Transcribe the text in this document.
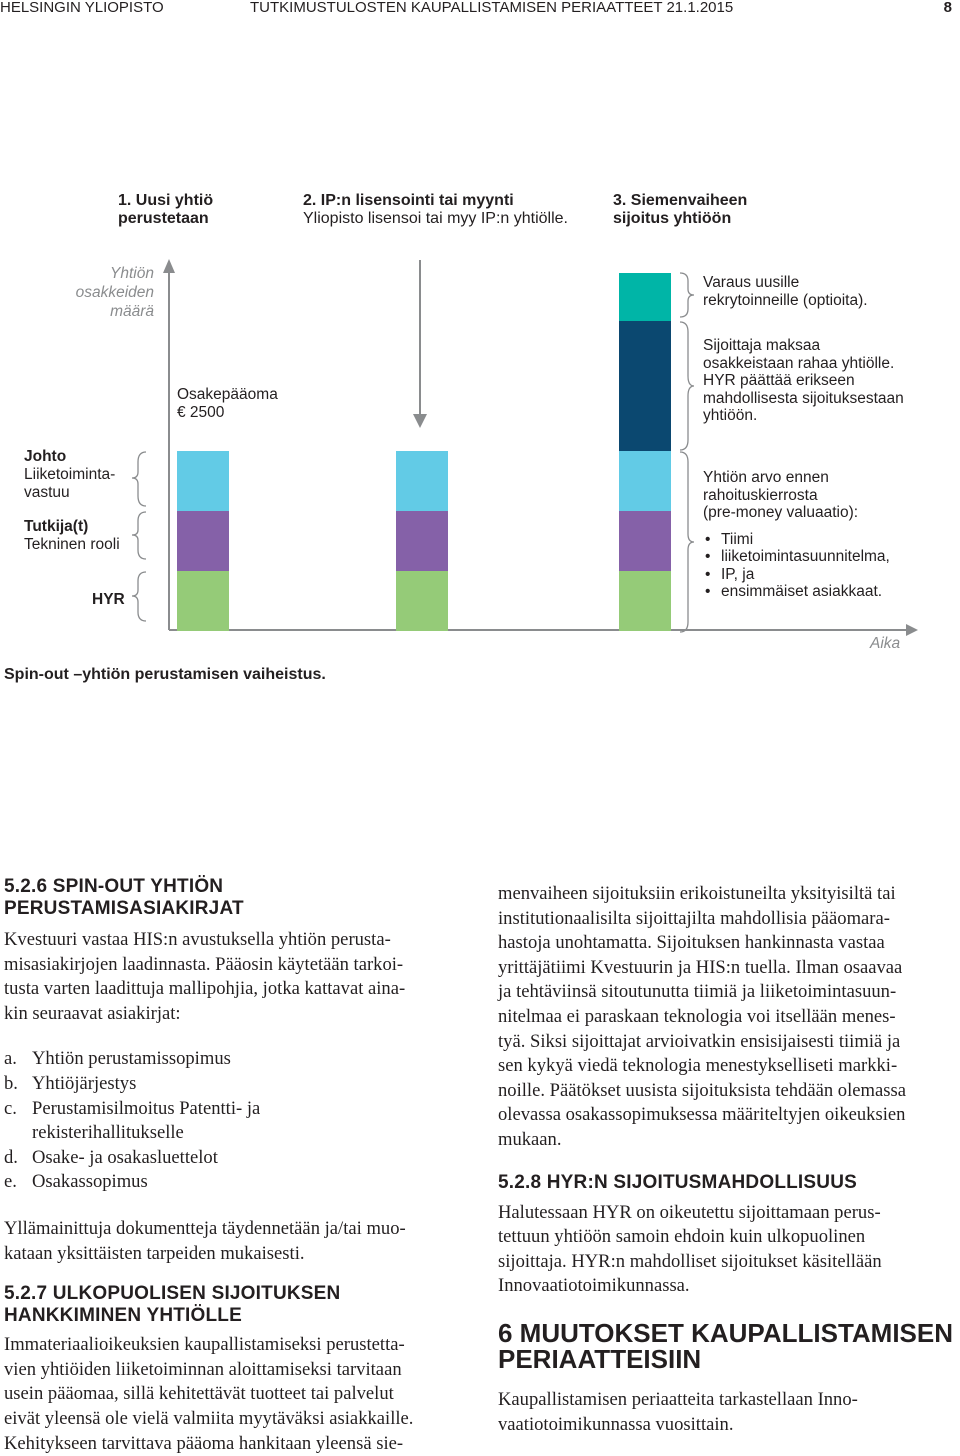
HELSINGIN YLIOPISTO	TUTKIMUSTULOSTEN KAUPALLISTAMISEN PERIAATTEET 21.1.2015	8
1. Uusi yhtiö
perustetaan
2. IP:n lisensointi tai myynti
Yliopisto lisensoi tai myy IP:n yhtiölle.
3. Siemenvaiheen
sijoitus yhtiöön
Yhtiön
osakkeiden
määrä
Johto
Liiketoiminta-
vastuu
Tutkija(t)
Tekninen rooli
HYR
Osakepääoma
€ 2500
Varaus uusille
rekrytoinneille (optioita).
Sijoittaja maksaa
osakkeistaan rahaa yhtiölle.
HYR päättää erikseen
mahdollisesta sijoituksestaan
yhtiöön.
Yhtiön arvo ennen
rahoituskierrosta
(pre-money valuaatio):
• Tiimi
• liiketoimintasuunnitelma,
• IP, ja
• ensimmäiset asiakkaat.
Aika
Spin-out –yhtiön perustamisen vaiheistus.
5.2.6 SPIN-OUT YHTIÖN PERUSTAMISASIAKIRJAT
Kvestuuri vastaa HIS:n avustuksella yhtiön perusta-
misasiakirjojen laadinnasta. Pääosin käytetään tarkoi-
tusta varten laadittuja mallipohjia, jotka kattavat aina-
kin seuraavat asiakirjat:
a. Yhtiön perustamissopimus
b. Yhtiöjärjestys
c. Perustamisilmoitus Patentti- ja
rekisterihallitukselle
d. Osake- ja osakasluettelot
e. Osakassopimus
Yllämainittuja dokumentteja täydennetään ja/tai muo-
kataan yksittäisten tarpeiden mukaisesti.
5.2.7 ULKOPUOLISEN SIJOITUKSEN
HANKKIMINEN YHTIÖLLE
Immateriaalioikeuksien kaupallistamiseksi perustetta-
vien yhtiöiden liiketoiminnan aloittamiseksi tarvitaan
usein pääomaa, sillä kehitettävät tuotteet tai palvelut
eivät yleensä ole vielä valmiita myytäväksi asiakkaille.
Kehitykseen tarvittava pääoma hankitaan yleensä sie-
menvaiheen sijoituksiin erikoistuneilta yksityisiltä tai
institutionaalisilta sijoittajilta mahdollisia pääomara-
hastoja unohtamatta. Sijoituksen hankinnasta vastaa
yrittäjätiimi Kvestuurin ja HIS:n tuella. Ilman osaavaa
ja tehtäviinsä sitoutunutta tiimiä ja liiketoimintasuun-
nitelmaa ei paraskaan teknologia voi itsellään menes-
tyä. Siksi sijoittajat arvioivatkin ensisijaisesti tiimiä ja
sen kykyä viedä teknologia menestykselliseti markki-
noille. Päätökset uusista sijoituksista tehdään olemassa
olevassa osakassopimuksessa määriteltyjen oikeuksien
mukaan.
5.2.8 HYR:N SIJOITUSMAHDOLLISUUS
Halutessaan HYR on oikeutettu sijoittamaan perus-
tettuun yhtiöön samoin ehdoin kuin ulkopuolinen
sijoittaja. HYR:n mahdolliset sijoitukset käsitellään
Innovaatiotoimikunnassa.
6 MUUTOKSET KAUPALLISTAMISEN
PERIAATTEISIIN
Kaupallistamisen periaatteita tarkastellaan Inno-
vaatiotoimikunnassa vuosittain.
